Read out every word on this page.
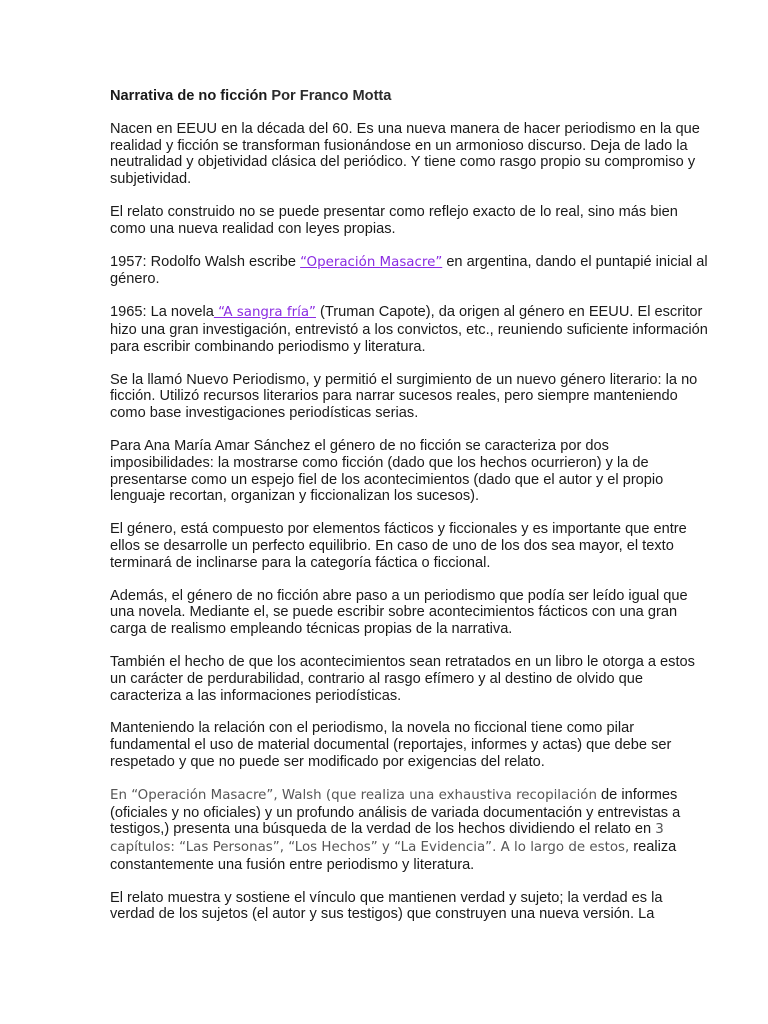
Narrativa de no ficción Por Franco Motta

Nacen en EEUU en la década del 60. Es una nueva manera de hacer periodismo en la que realidad y ficción se transforman fusionándose en un armonioso discurso. Deja de lado la neutralidad y objetividad clásica del periódico. Y tiene como rasgo propio su compromiso y subjetividad.

El relato construido no se puede presentar como reflejo exacto de lo real, sino más bien como una nueva realidad con leyes propias.

1957: Rodolfo Walsh escribe “Operación Masacre” en argentina, dando el puntapié inicial al género.

1965: La novela “A sangra fría” (Truman Capote), da origen al género en EEUU. El escritor hizo una gran investigación, entrevistó a los convictos, etc., reuniendo suficiente información para escribir combinando periodismo y literatura.

Se la llamó Nuevo Periodismo, y permitió el surgimiento de un nuevo género literario: la no ficción. Utilizó recursos literarios para narrar sucesos reales, pero siempre manteniendo como base investigaciones periodísticas serias.

Para Ana María Amar Sánchez el género de no ficción se caracteriza por dos imposibilidades: la mostrarse como ficción (dado que los hechos ocurrieron) y la de presentarse como un espejo fiel de los acontecimientos (dado que el autor y el propio lenguaje recortan, organizan y ficcionalizan los sucesos).

El género, está compuesto por elementos fácticos y ficcionales y es importante que entre ellos se desarrolle un perfecto equilibrio. En caso de uno de los dos sea mayor, el texto terminará de inclinarse para la categoría fáctica o ficcional.

Además, el género de no ficción abre paso a un periodismo que podía ser leído igual que una novela. Mediante el, se puede escribir sobre acontecimientos fácticos con una gran carga de realismo empleando técnicas propias de la narrativa.

También el hecho de que los acontecimientos sean retratados en un libro le otorga a estos un carácter de perdurabilidad, contrario al rasgo efímero y al destino de olvido que caracteriza a las informaciones periodísticas.

Manteniendo la relación con el periodismo, la novela no ficcional tiene como pilar fundamental el uso de material documental (reportajes, informes y actas) que debe ser respetado y que no puede ser modificado por exigencias del relato.

En “Operación Masacre”, Walsh (que realiza una exhaustiva recopilación de informes (oficiales y no oficiales) y un profundo análisis de variada documentación y entrevistas a testigos,) presenta una búsqueda de la verdad de los hechos dividiendo el relato en 3 capítulos: “Las Personas”, “Los Hechos” y “La Evidencia”. A lo largo de estos, realiza constantemente una fusión entre periodismo y literatura.

El relato muestra y sostiene el vínculo que mantienen verdad y sujeto; la verdad es la verdad de los sujetos (el autor y sus testigos) que construyen una nueva versión. La
